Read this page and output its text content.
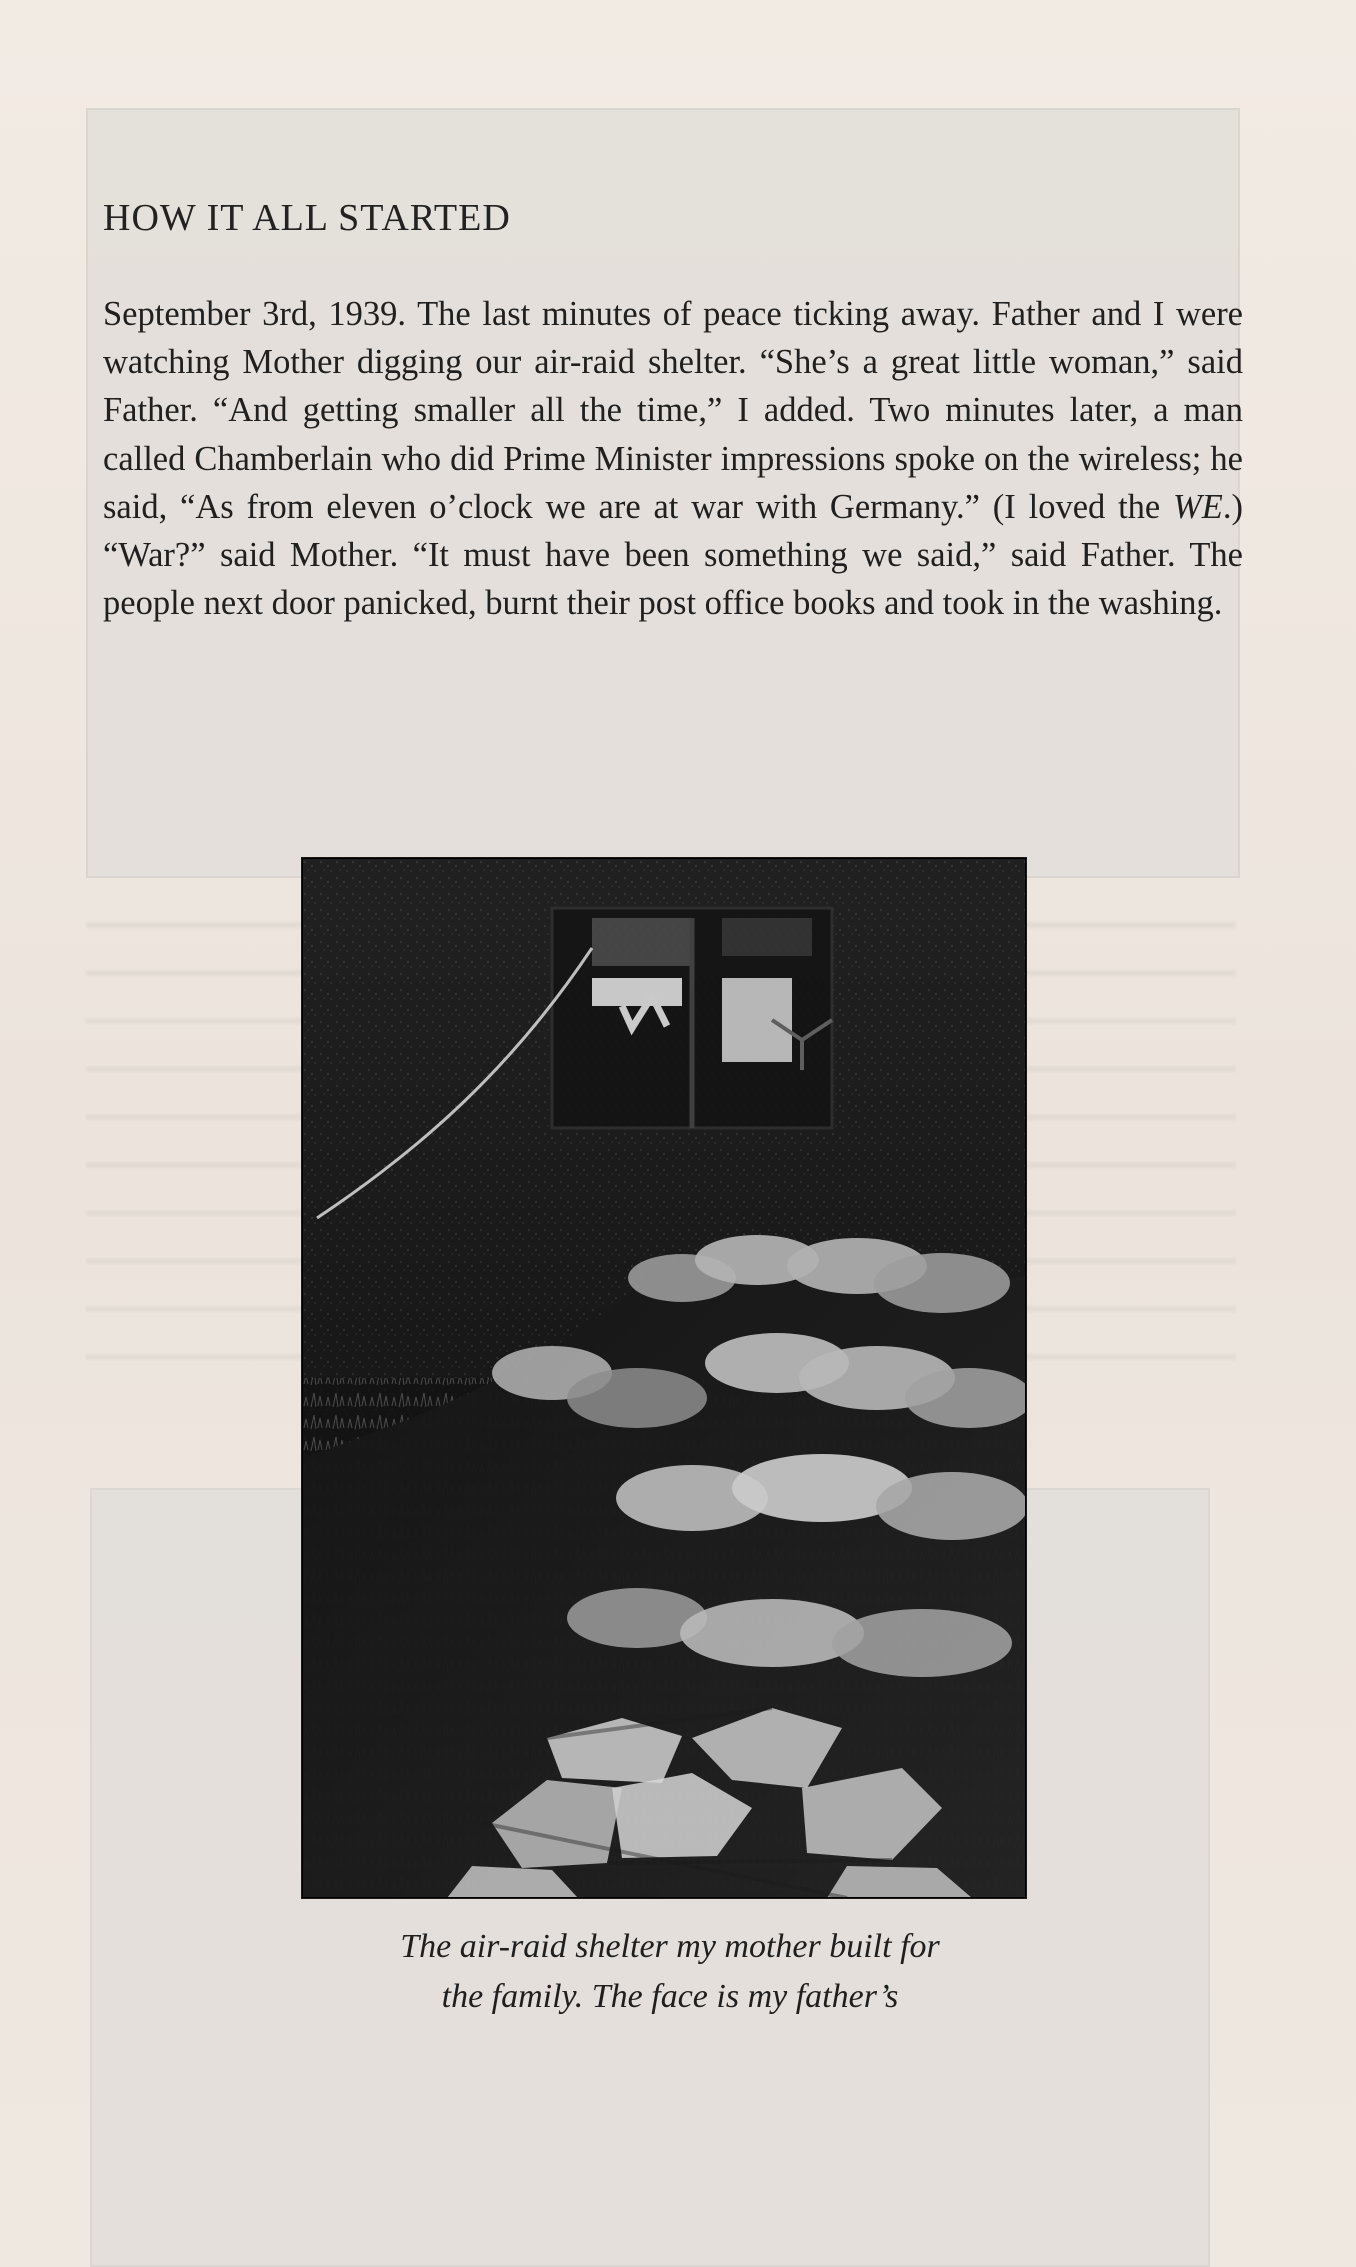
HOW IT ALL STARTED
September 3rd, 1939. The last minutes of peace ticking away. Father and I were watching Mother digging our air-raid shelter. “She’s a great little woman,” said Father. “And getting smaller all the time,” I added. Two minutes later, a man called Chamberlain who did Prime Minister impressions spoke on the wireless; he said, “As from eleven o’clock we are at war with Germany.” (I loved the WE.) “War?” said Mother. “It must have been something we said,” said Father. The people next door panicked, burnt their post office books and took in the washing.
The air-raid shelter my mother built for
the family. The face is my father’s
